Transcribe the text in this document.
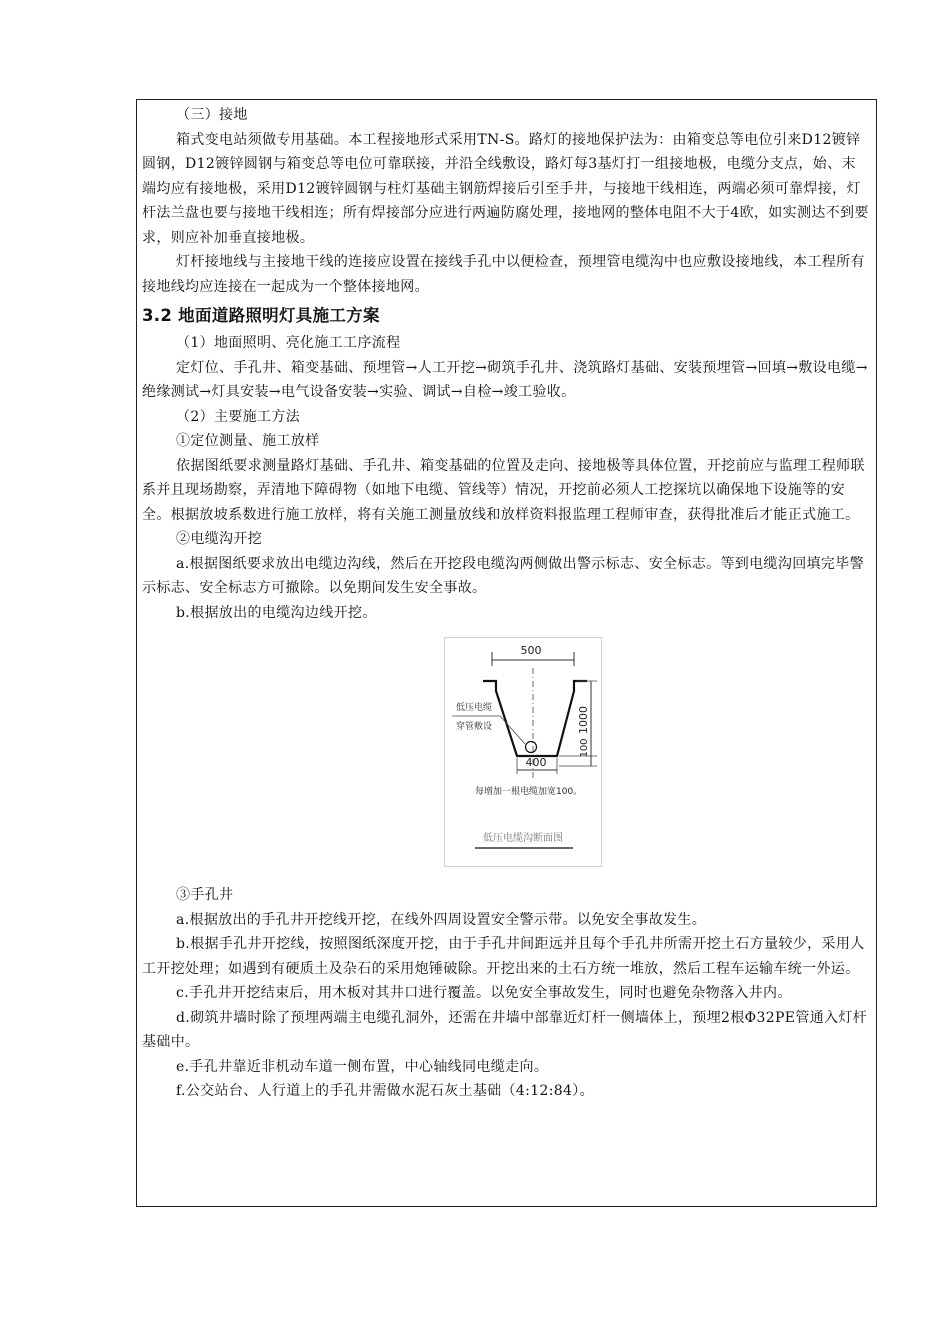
（三）接地

箱式变电站须做专用基础。本工程接地形式采用TN-S。路灯的接地保护法为：由箱变总等电位引来D12镀锌圆钢，D12镀锌圆钢与箱变总等电位可靠联接，并沿全线敷设，路灯每3基灯打一组接地极，电缆分支点，始、末端均应有接地极，采用D12镀锌圆钢与柱灯基础主钢筋焊接后引至手井，与接地干线相连，两端必须可靠焊接，灯杆法兰盘也要与接地干线相连；所有焊接部分应进行两遍防腐处理，接地网的整体电阻不大于4欧，如实测达不到要求，则应补加垂直接地极。

灯杆接地线与主接地干线的连接应设置在接线手孔中以便检查，预埋管电缆沟中也应敷设接地线，本工程所有接地线均应连接在一起成为一个整体接地网。

3.2 地面道路照明灯具施工方案

（1）地面照明、亮化施工工序流程

定灯位、手孔井、箱变基础、预埋管→人工开挖→砌筑手孔井、浇筑路灯基础、安装预埋管→回填→敷设电缆→绝缘测试→灯具安装→电气设备安装→实验、调试→自检→竣工验收。

（2）主要施工方法

①定位测量、施工放样

依据图纸要求测量路灯基础、手孔井、箱变基础的位置及走向、接地极等具体位置，开挖前应与监理工程师联系并且现场勘察，弄清地下障碍物（如地下电缆、管线等）情况，开挖前必须人工挖探坑以确保地下设施等的安全。根据放坡系数进行施工放样，将有关施工测量放线和放样资料报监理工程师审查，获得批准后才能正式施工。

②电缆沟开挖

a.根据图纸要求放出电缆边沟线，然后在开挖段电缆沟两侧做出警示标志、安全标志。等到电缆沟回填完毕警示标志、安全标志方可撤除。以免期间发生安全事故。

b.根据放出的电缆沟边线开挖。

500
低压电缆
穿管敷设	1000
100
400
每增加一根电缆加宽100。
低压电缆沟断面图

③手孔井

a.根据放出的手孔井开挖线开挖，在线外四周设置安全警示带。以免安全事故发生。

b.根据手孔井开挖线，按照图纸深度开挖，由于手孔井间距远并且每个手孔井所需开挖土石方量较少，采用人工开挖处理；如遇到有硬质土及杂石的采用炮锤破除。开挖出来的土石方统一堆放，然后工程车运输车统一外运。

c.手孔井开挖结束后，用木板对其井口进行覆盖。以免安全事故发生，同时也避免杂物落入井内。

d.砌筑井墙时除了预埋两端主电缆孔洞外，还需在井墙中部靠近灯杆一侧墙体上，预埋2根Φ32PE管通入灯杆基础中。

e.手孔井靠近非机动车道一侧布置，中心轴线同电缆走向。

f.公交站台、人行道上的手孔井需做水泥石灰土基础（4:12:84）。
